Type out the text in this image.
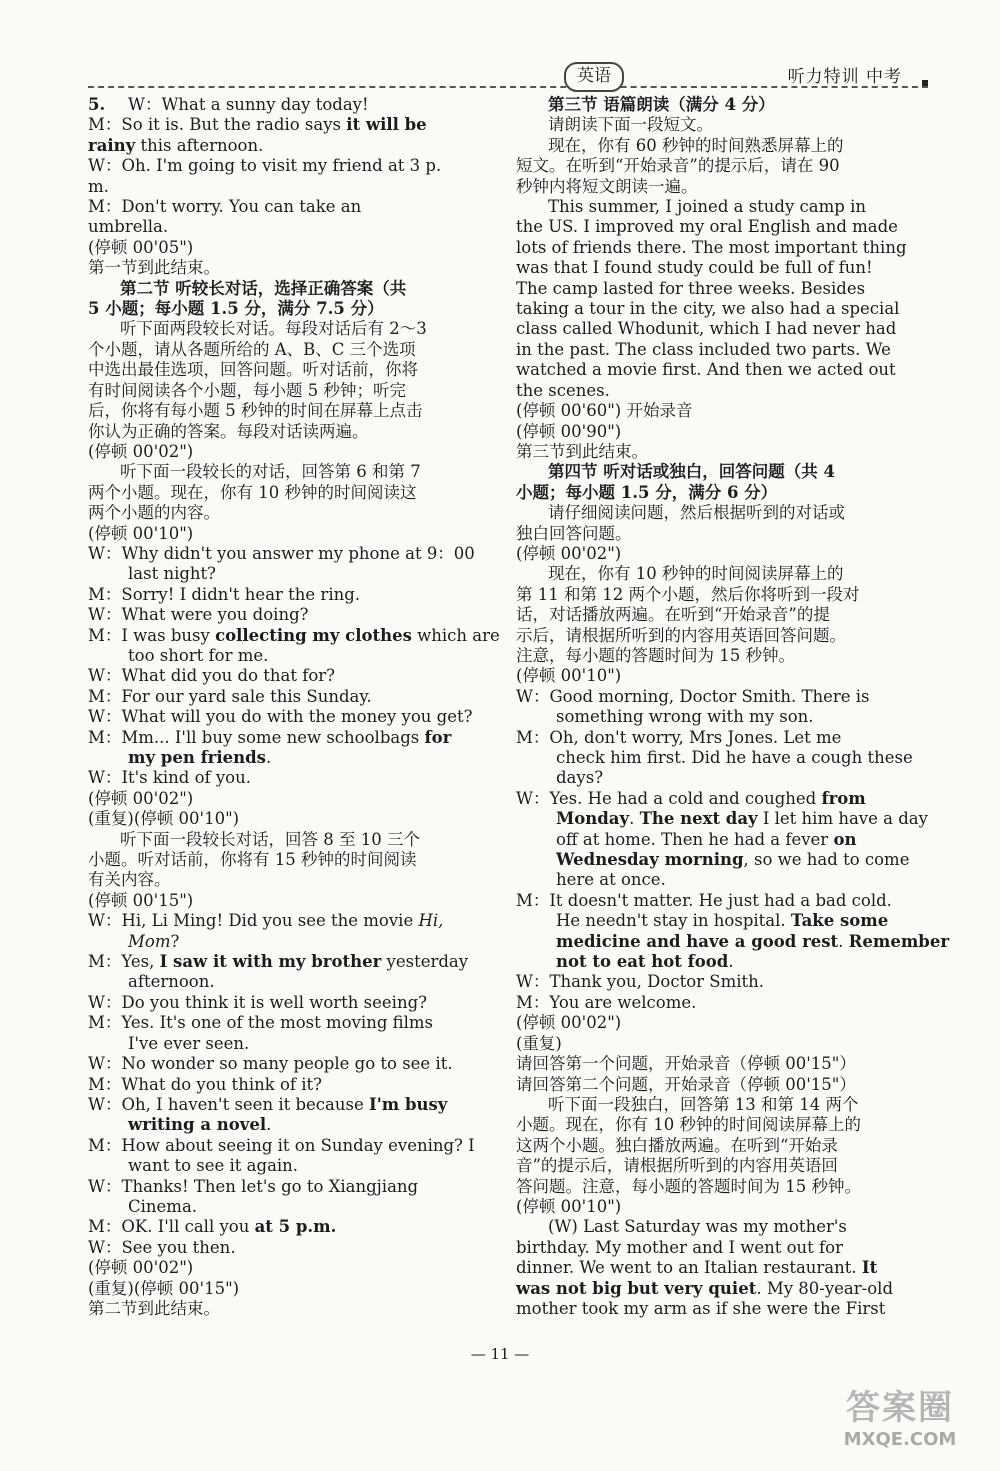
英语	听力特训 中考
5.	W：What a sunny day today!
M：So it is. But the radio says it will be
rainy this afternoon.
W：Oh. I'm going to visit my friend at 3 p.
m.
M：Don't worry. You can take an
umbrella.
(停顿 00'05")
第一节到此结束。
第二节 听较长对话，选择正确答案（共
5 小题；每小题 1.5 分，满分 7.5 分）
听下面两段较长对话。每段对话后有 2～3
个小题，请从各题所给的 A、B、C 三个选项
中选出最佳选项，回答问题。听对话前，你将
有时间阅读各个小题，每小题 5 秒钟；听完
后，你将有每小题 5 秒钟的时间在屏幕上点击
你认为正确的答案。每段对话读两遍。
(停顿 00'02")
听下面一段较长的对话，回答第 6 和第 7
两个小题。现在，你有 10 秒钟的时间阅读这
两个小题的内容。
(停顿 00'10")
W：Why didn't you answer my phone at 9：00
last night?
M：Sorry! I didn't hear the ring.
W：What were you doing?
M：I was busy collecting my clothes which are
too short for me.
W：What did you do that for?
M：For our yard sale this Sunday.
W：What will you do with the money you get?
M：Mm... I'll buy some new schoolbags for
my pen friends.
W：It's kind of you.
(停顿 00'02")
(重复)(停顿 00'10")
听下面一段较长对话，回答 8 至 10 三个
小题。听对话前，你将有 15 秒钟的时间阅读
有关内容。
(停顿 00'15")
W：Hi, Li Ming! Did you see the movie Hi,
Mom?
M：Yes, I saw it with my brother yesterday
afternoon.
W：Do you think it is well worth seeing?
M：Yes. It's one of the most moving films
I've ever seen.
W：No wonder so many people go to see it.
M：What do you think of it?
W：Oh, I haven't seen it because I'm busy
writing a novel.
M：How about seeing it on Sunday evening? I
want to see it again.
W：Thanks! Then let's go to Xiangjiang
Cinema.
M：OK. I'll call you at 5 p.m.
W：See you then.
(停顿 00'02")
(重复)(停顿 00'15")
第二节到此结束。
第三节 语篇朗读（满分 4 分）
请朗读下面一段短文。
现在，你有 60 秒钟的时间熟悉屏幕上的
短文。在听到“开始录音”的提示后，请在 90
秒钟内将短文朗读一遍。
This summer, I joined a study camp in
the US. I improved my oral English and made
lots of friends there. The most important thing
was that I found study could be full of fun!
The camp lasted for three weeks. Besides
taking a tour in the city, we also had a special
class called Whodunit, which I had never had
in the past. The class included two parts. We
watched a movie first. And then we acted out
the scenes.
(停顿 00'60") 开始录音
(停顿 00'90")
第三节到此结束。
第四节 听对话或独白，回答问题（共 4
小题；每小题 1.5 分，满分 6 分）
请仔细阅读问题，然后根据听到的对话或
独白回答问题。
(停顿 00'02")
现在，你有 10 秒钟的时间阅读屏幕上的
第 11 和第 12 两个小题，然后你将听到一段对
话，对话播放两遍。在听到“开始录音”的提
示后，请根据所听到的内容用英语回答问题。
注意，每小题的答题时间为 15 秒钟。
(停顿 00'10")
W：Good morning, Doctor Smith. There is
something wrong with my son.
M：Oh, don't worry, Mrs Jones. Let me
check him first. Did he have a cough these
days?
W：Yes. He had a cold and coughed from
Monday. The next day I let him have a day
off at home. Then he had a fever on
Wednesday morning, so we had to come
here at once.
M：It doesn't matter. He just had a bad cold.
He needn't stay in hospital. Take some
medicine and have a good rest. Remember
not to eat hot food.
W：Thank you, Doctor Smith.
M：You are welcome.
(停顿 00'02")
(重复)
请回答第一个问题，开始录音（停顿 00'15"）
请回答第二个问题，开始录音（停顿 00'15"）
听下面一段独白，回答第 13 和第 14 两个
小题。现在，你有 10 秒钟的时间阅读屏幕上的
这两个小题。独白播放两遍。在听到“开始录
音”的提示后，请根据所听到的内容用英语回
答问题。注意，每小题的答题时间为 15 秒钟。
(停顿 00'10")
(W) Last Saturday was my mother's
birthday. My mother and I went out for
dinner. We went to an Italian restaurant. It
was not big but very quiet. My 80-year-old
mother took my arm as if she were the First
— 11 —
答案圈
MXQE.COM
